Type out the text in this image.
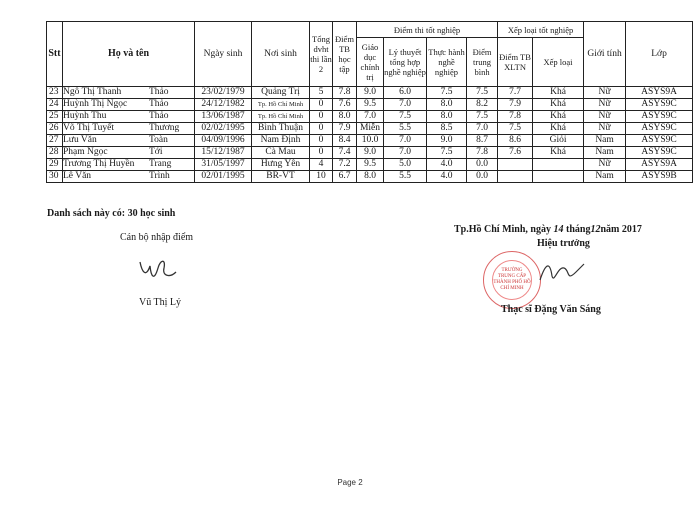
Stt	Họ và tên	Ngày sinh	Nơi sinh	Tổng dvht thi lần 2	Điểm TB học tập	Điểm thi tốt nghiệp				Xếp loại tốt nghiệp		Giới tính	Lớp
						Giáo dục chính trị	Lý thuyết tổng hợp nghề nghiệp	Thực hành nghề nghiệp	Điểm trung bình	Điểm TB XLTN	Xếp loại		
23	Ngô Thị Thanh Thảo	23/02/1979	Quảng Trị	5	7.8	9.0	6.0	7.5	7.5	7.7	Khá	Nữ	ASYS9A
24	Huỳnh Thị Ngọc Thảo	24/12/1982	Tp. Hồ Chí Minh	0	7.6	9.5	7.0	8.0	8.2	7.9	Khá	Nữ	ASYS9C
25	Huỳnh Thu Thảo	13/06/1987	Tp. Hồ Chí Minh	0	8.0	7.0	7.5	8.0	7.5	7.8	Khá	Nữ	ASYS9C
26	Võ Thị Tuyết Thương	02/02/1995	Bình Thuận	0	7.9	Miễn	5.5	8.5	7.0	7.5	Khá	Nữ	ASYS9C
27	Lưu Văn Toàn	04/09/1996	Nam Định	0	8.4	10.0	7.0	9.0	8.7	8.6	Giỏi	Nam	ASYS9C
28	Phạm Ngọc Tới	15/12/1987	Cà Mau	0	7.4	9.0	7.0	7.5	7.8	7.6	Khá	Nam	ASYS9C
29	Trương Thị Huyền Trang	31/05/1997	Hưng Yên	4	7.2	9.5	5.0	4.0	0.0			Nữ	ASYS9A
30	Lê Văn Trình	02/01/1995	BR-VT	10	6.7	8.0	5.5	4.0	0.0			Nam	ASYS9B
Danh sách này có: 30 học sinh
Cán bộ nhập điểm
Vũ Thị Lý
Tp.Hồ Chí Minh, ngày 14 tháng12năm 2017
Hiệu trưởng
TRƯỜNG
TRUNG CẤP
THÀNH PHỐ HỒ CHÍ MINH
Thạc sĩ Đặng Văn Sáng
Page 2
